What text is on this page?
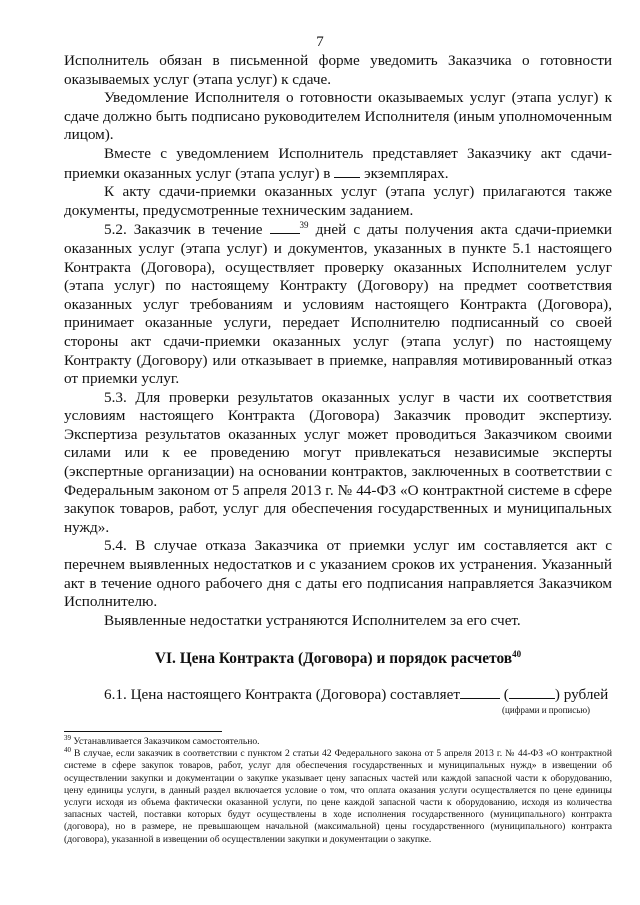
7

Исполнитель обязан в письменной форме уведомить Заказчика о готовности оказываемых услуг (этапа услуг) к сдаче.

Уведомление Исполнителя о готовности оказываемых услуг (этапа услуг) к сдаче должно быть подписано руководителем Исполнителя (иным уполномоченным лицом).

Вместе с уведомлением Исполнитель представляет Заказчику акт сдачи-приемки оказанных услуг (этапа услуг) в экземплярах.

К акту сдачи-приемки оказанных услуг (этапа услуг) прилагаются также документы, предусмотренные техническим заданием.

5.2. Заказчик в течение	$^{39}$ дней с даты получения акта сдачи-приемки оказанных услуг (этапа услуг) и документов, указанных в пункте 5.1 настоящего Контракта (Договора), осуществляет проверку оказанных Исполнителем услуг (этапа услуг) по настоящему Контракту (Договору) на предмет соответствия оказанных услуг требованиям и условиям настоящего Контракта (Договора), принимает оказанные услуги, передает Исполнителю подписанный со своей стороны акт сдачи-приемки оказанных услуг (этапа услуг) по настоящему Контракту (Договору) или отказывает в приемке, направляя мотивированный отказ от приемки услуг.

5.3. Для проверки результатов оказанных услуг в части их соответствия условиям настоящего Контракта (Договора) Заказчик проводит экспертизу. Экспертиза результатов оказанных услуг может проводиться Заказчиком своими силами или к ее проведению могут привлекаться независимые эксперты (экспертные организации) на основании контрактов, заключенных в соответствии с Федеральным законом от 5 апреля 2013 г. № 44-ФЗ «О контрактной системе в сфере закупок товаров, работ, услуг для обеспечения государственных и муниципальных нужд».

5.4. В случае отказа Заказчика от приемки услуг им составляется акт с перечнем выявленных недостатков и с указанием сроков их устранения. Указанный акт в течение одного рабочего дня с даты его подписания направляется Заказчиком Исполнителю.

Выявленные недостатки устраняются Исполнителем за его счет.

VI. Цена Контракта (Договора) и порядок расчетов$^{40}$

6.1. Цена настоящего Контракта (Договора) составляет	(	) рублей
(цифрами и прописью)

$^{39}$ Устанавливается Заказчиком самостоятельно.

$^{40}$ В случае, если заказчик в соответствии с пунктом 2 статьи 42 Федерального закона от 5 апреля 2013 г. № 44-ФЗ «О контрактной системе в сфере закупок товаров, работ, услуг для обеспечения государственных и муниципальных нужд» в извещении об осуществлении закупки и документации о закупке указывает цену запасных частей или каждой запасной части к оборудованию, цену единицы услуги, в данный раздел включается условие о том, что оплата оказания услуги осуществляется по цене единицы услуги исходя из объема фактически оказанной услуги, по цене каждой запасной части к оборудованию, исходя из количества запасных частей, поставки которых будут осуществлены в ходе исполнения государственного (муниципального) контракта (договора), но в размере, не превышающем начальной (максимальной) цены государственного (муниципального) контракта (договора), указанной в извещении об осуществлении закупки и документации о закупке.
